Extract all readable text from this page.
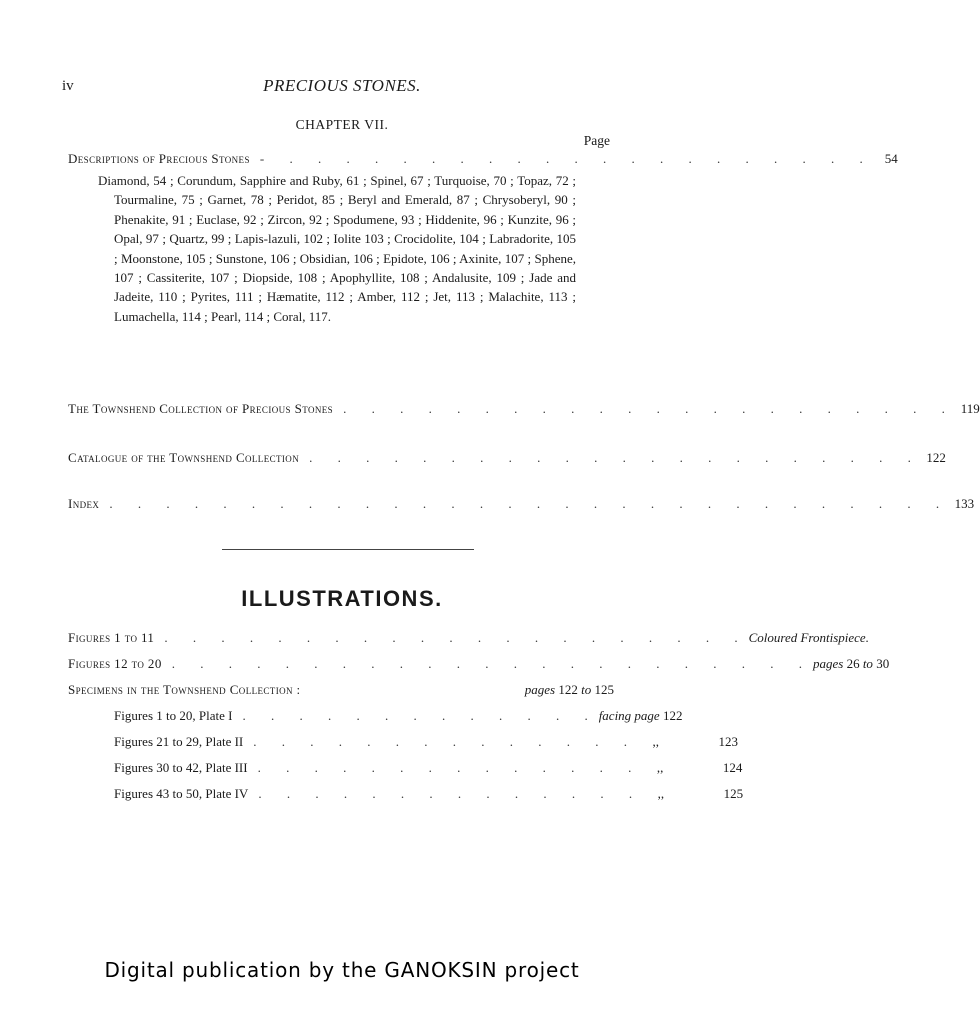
iv	PRECIOUS STONES.
CHAPTER VII.
Page
Descriptions of Precious Stones - . . . . . . . . . . . . . . . . . . . . . 54
Diamond, 54 ; Corundum, Sapphire and Ruby, 61 ; Spinel, 67 ; Turquoise, 70 ; Topaz, 72 ; Tourmaline, 75 ; Garnet, 78 ; Peridot, 85 ; Beryl and Emerald, 87 ; Chrysoberyl, 90 ; Phenakite, 91 ; Euclase, 92 ; Zircon, 92 ; Spodumene, 93 ; Hiddenite, 96 ; Kunzite, 96 ; Opal, 97 ; Quartz, 99 ; Lapis-lazuli, 102 ; Iolite 103 ; Crocidolite, 104 ; Labradorite, 105 ; Moonstone, 105 ; Sunstone, 106 ; Obsidian, 106 ; Epidote, 106 ; Axinite, 107 ; Sphene, 107 ; Cassiterite, 107 ; Diopside, 108 ; Apophyllite, 108 ; Andalusite, 109 ; Jade and Jadeite, 110 ; Pyrites, 111 ; Hæmatite, 112 ; Amber, 112 ; Jet, 113 ; Malachite, 113 ; Lumachella, 114 ; Pearl, 114 ; Coral, 117.
The Townshend Collection of Precious Stones . . . . . . . . . . . . . . . . . . . . . . 119
Catalogue of the Townshend Collection . . . . . . . . . . . . . . . . . . . . . . 122
Index . . . . . . . . . . . . . . . . . . . . . . . . . . . . . . 133
ILLUSTRATIONS.
Figures 1 to 11 . . . . . . . . . . . . . . . . . . . . . Coloured Frontispiece.
Figures 12 to 20 . . . . . . . . . . . . . . . . . . . . . . . pages 26 to 30
Specimens in the Townshend Collection :	pages 122 to 125
Figures 1 to 20, Plate I . . . . . . . . . . . . . facing page 122
Figures 21 to 29, Plate II . . . . . . . . . . . . . .	,,	123
Figures 30 to 42, Plate III . . . . . . . . . . . . . .	,,	124
Figures 43 to 50, Plate IV . . . . . . . . . . . . . .	,,	125
Digital publication by the GANOKSIN project
